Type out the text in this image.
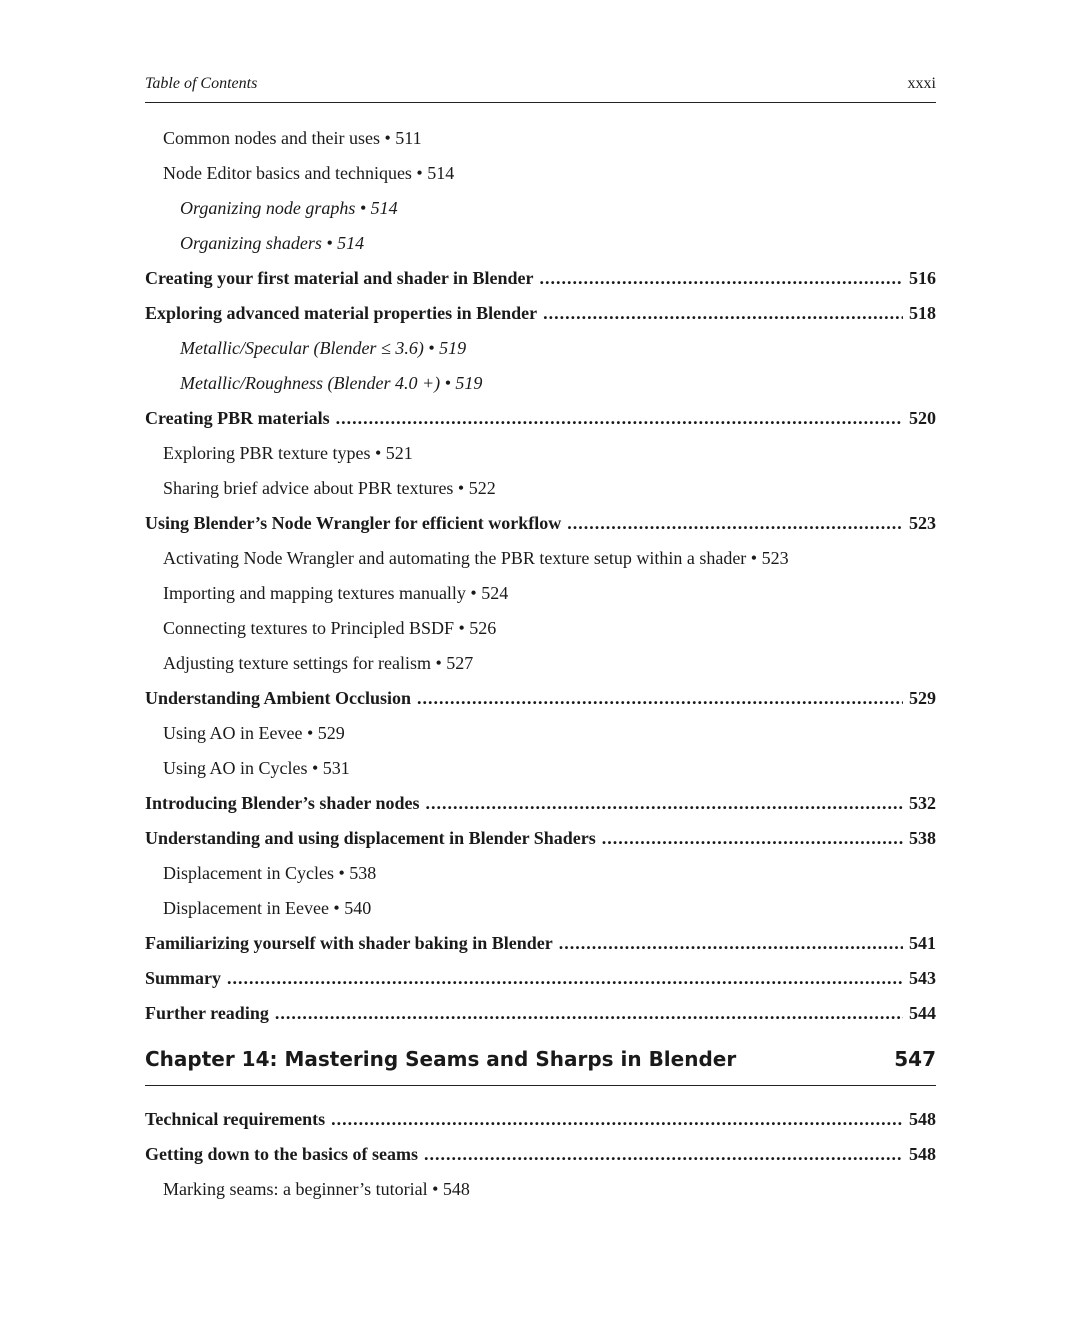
Table of Contents	xxxi
Common nodes and their uses • 511
Node Editor basics and techniques • 514
Organizing node graphs • 514
Organizing shaders • 514
Creating your first material and shader in Blender .....	516
Exploring advanced material properties in Blender .....	518
Metallic/Specular (Blender ≤ 3.6) • 519
Metallic/Roughness (Blender 4.0 +) • 519
Creating PBR materials .....	520
Exploring PBR texture types • 521
Sharing brief advice about PBR textures • 522
Using Blender’s Node Wrangler for efficient workflow .....	523
Activating Node Wrangler and automating the PBR texture setup within a shader • 523
Importing and mapping textures manually • 524
Connecting textures to Principled BSDF • 526
Adjusting texture settings for realism • 527
Understanding Ambient Occlusion .....	529
Using AO in Eevee • 529
Using AO in Cycles • 531
Introducing Blender’s shader nodes .....	532
Understanding and using displacement in Blender Shaders .....	538
Displacement in Cycles • 538
Displacement in Eevee • 540
Familiarizing yourself with shader baking in Blender .....	541
Summary .....	543
Further reading .....	544
Chapter 14: Mastering Seams and Sharps in Blender	547
Technical requirements .....	548
Getting down to the basics of seams .....	548
Marking seams: a beginner’s tutorial • 548
